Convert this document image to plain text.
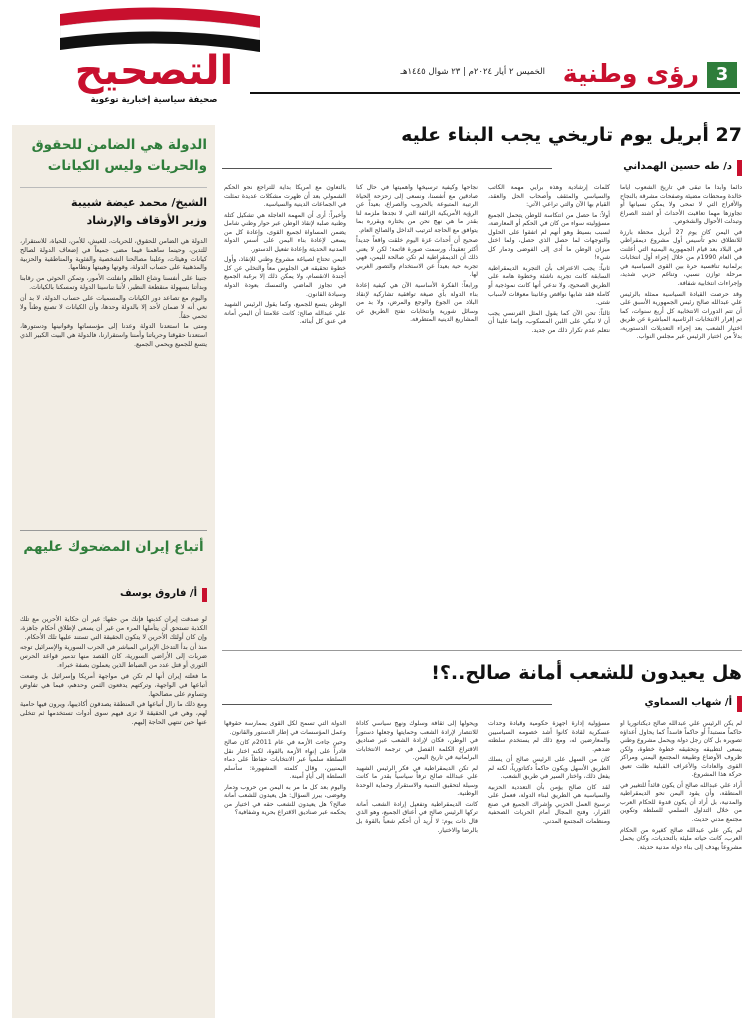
التصحيح
صحيفة سياسية إخبارية توعوية
3
رؤى وطنية
الخميس ٢ أيار ٢٠٢٤م | ٢٣ شوال ١٤٤٥هـ
27 أبريل يوم تاريخي يجب البناء عليه
د/ طه حسين الهمداني

دائماً وأبداً ما تبقى في تاريخ الشعوب أياماً خالدة ومحطات مضيئة وصفحات مشرقة بالنجاح والأفراح التي لا تمحى ولا يمكن نسيانها أو تجاوزها مهما تعاقبت الأحداث أو اشتد الصراع وتبدلت الأحوال والشخوص.

في اليمن كان يوم 27 أبريل محطة بارزة للانطلاق نحو تأسيس أول مشروع ديمقراطي في البلاد بعد قيام الجمهورية اليمنية التي أعلنت في العام 1990م من خلال إجراء أول انتخابات برلمانية تنافسية حرة بين القوى السياسية في مرحلة توازن نسبي، وتناغم حزبي شديد، وإجراءات انتخابية شفافة.

وقد حرصت القيادة السياسية ممثلة بالرئيس علي عبدالله صالح رئيس الجمهورية الأسبق على أن تتم الدورات الانتخابية كل أربع سنوات، كما تم إقرار الانتخابات الرئاسية المباشرة عن طريق اختيار الشعب بعد إجراء التعديلات الدستورية، بدلاً من اختيار الرئيس عبر مجلس النواب.

كلمات إرشادية وهذه برأيي مهمة الكاتب والسياسي والمثقف وأصحاب الحل والعقد، القيام بها الآن والتي تراعي الآتي:

أولاً: ما حصل من انتكاسة للوطن يتحمل الجميع مسؤوليته سواء من كان في الحكم أو المعارضة، لسبب بسيط وهو أنهم لم اتفقوا على الحلول والتوجهات لما حصل الذي حصل، ولما اختل ميزان الوطن ما أدى إلى الفوضى ودمار كل شيء!

ثانياً: يجب الاعتراف بأن التجربة الديمقراطية السابقة كانت تجربة ناشئة وخطوة هامة على الطريق الصحيح، ولا ندعي أنها كانت نموذجية أو كاملة فقد شابها نواقص وعانينا معوقات لأسباب شتى.

ثالثاً: تحن الآن كما يقول المثل الفرنسي يجب أن لا نبكي على اللبن المسكوب، وإنما علينا أن نتعلم عدم تكرار ذلك من جديد.

نجاحها وكيفية ترسيخها وأهميتها في حال كنا صادقين مع أنفسنا، ونسعى إلى زحزحة الحياة الرتيبة المتبوعة بالحروب والصراع، بعيداً عن الرؤية الأمريكية الزائفة التي لا نجدها ملزمة لنا بقدر ما هي نهج نحن من يختاره ويقرره بما يتوافق مع الحاجة لترتيب الداخل والصالح العام.

صحيح أن أحداث غزة اليوم خلقت واقعاً جديداً أكثر تعقيداً، ورسمت صورة قاتمة؛ لكن لا يعني ذلك أن الديمقراطية لم تكن صالحة لليمن، فهي تجربة حية بعيداً عن الاستخدام والتصور الغربي لها.

ورابعاً: الفكرة الأساسية الآن هي كيفية إعادة بناء الدولة بأي صيغة توافقية تشاركية لإنقاذ البلاد من الجوع والوجع والمرض، ولا بد من وسائل شورية وانتخابات تفتح الطريق عن المشاريع الدينية المتطرفة.

بالتعاون مع أمريكا بداية للتراجع نحو الحكم الشمولي بعد أن ظهرت مشكلات عديدة تمثلت في الجماعات الدينية والسياسية.

وأخيراً: أرى أن المهمة العاجلة هي تشكيل كتلة وطنية صلبة لإنقاذ الوطن عبر حوار وطني شامل يضمن المساواة لجميع القوى، وإعادة كل من يسعى لإعادة بناء اليمن على أسس الدولة المدنية الحديثة وإعادة تفعيل الدستور.

اليمن تحتاج لصياغة مشروع وطني للإنقاذ، وأول خطوة تحقيقه في الجلوس معاً والتخلي عن كل أجندة الانقسام، ولا يمكن ذلك إلا برغبة الجميع في تجاوز الماضي والتمسك بعودة الدولة وسيادة القانون.

الوطن يتسع للجميع، وكما يقول الرئيس الشهيد علي عبدالله صالح: كانت علامتنا أن اليمن أمانة في عنق كل أبنائه.

هل يعيدون للشعب أمانة صالح..؟!
أ/ شهاب السماوي

لم يكن الرئيس علي عبدالله صالح ديكتاتورياً أو حاكماً مستبداً أو حاكماً فاسداً كما يحاول أعداؤه تصويره بل كان رجل دولة ويحمل مشروع وطني يسعى لتطبيقه وتحقيقه خطوة خطوة، ولكن ظروف الأوضاع وطبيعة المجتمع اليمني ومراكز القوى والعادات والأعراف القبلية ظلت تعيق حركة هذا المشروع.

أراد علي عبدالله صالح أن يكون قائداً للتغيير في المنطقة، وأن يقود اليمن نحو الديمقراطية والمدنية، بل أراد أن يكون قدوة للحكام العرب من خلال التداول السلمي للسلطة وتكوين مجتمع مدني حديث.

لم يكن علي عبدالله صالح كغيره من الحكام العرب، كانت حياته مليئة بالتحديات، وكان يحمل مشروعاً يهدف إلى بناء دولة مدنية حديثة.

مسؤولية إدارة أجهزة حكومية وقيادة وحدات عسكرية لقادة كانوا أشد خصومه السياسيين والمعارضين له، ومع ذلك لم يستخدم سلطته ضدهم.

كان من السهل على الرئيس صالح أن يسلك الطريق الأسهل ويكون حاكماً دكتاتورياً، لكنه لم يفعل ذلك، واختار السير في طريق الشعب.

لقد كان صالح يؤمن بأن التعددية الحزبية والسياسية هي الطريق لبناء الدولة، فعمل على ترسيخ العمل الحزبي وإشراك الجميع في صنع القرار، وفتح المجال أمام الحريات الصحفية ومنظمات المجتمع المدني.

ويحولها إلى ثقافة وسلوك ونهج سياسي كأداة للانتصار لإرادة الشعب وحمايتها وجعلها دستوراً في الوطن، فكان لإرادة الشعب عبر صناديق الاقتراع الكلمة الفصل في ترجمة الانتخابات البرلمانية في تاريخ اليمن.

لم تكن الديمقراطية في فكر الرئيس الشهيد علي عبدالله صالح ترفاً سياسياً بقدر ما كانت وسيلة لتحقيق التنمية والاستقرار وحماية الوحدة الوطنية.

كانت الديمقراطية وتفعيل إرادة الشعب أمانة تركها الرئيس صالح في أعناق الجميع، وهو الذي قال ذات يوم: لا أريد أن أحكم شعباً بالقوة بل بالرضا والاختيار.

الدولة التي تسمح لكل القوى بممارسة حقوقها وعمل المؤسسات في إطار الدستور والقانون.

وحين جاءت الأزمة في عام 2011م كان صالح قادراً على إنهاء الأزمة بالقوة، لكنه اختار نقل السلطة سلمياً عبر الانتخابات حفاظاً على دماء اليمنيين، وقال كلمته المشهورة: سأسلم السلطة إلى أيادٍ أمينة.

واليوم بعد كل ما مر به اليمن من حروب ودمار وفوضى، يبرز السؤال: هل يعيدون للشعب أمانة صالح؟ هل يعيدون للشعب حقه في اختيار من يحكمه عبر صناديق الاقتراع بحرية وشفافية؟

الدولة هي الضامن للحقوق والحريات وليس الكيانات
الشيخ/ محمد عيضة شبيبة
وزير الأوقاف والإرشاد

الدولة هي الضامن للحقوق، للحريات، للعيش، للأمن، للحياة، للاستقرار، للتدين، وحينما ساهمنا فيما مضى جميعاً في إضعاف الدولة لصالح كيانات وهيئات، وغلبنا مصالحنا الشخصية والفئوية والمناطقية والحزبية والمذهبية على حساب الدولة، وقوتها وهيبتها ونظامها.

جنينا على أنفسنا وشاع الظلم وانفلتت الأمور، وتمكن الحوثي من رقابنا وبدأتنا بسهولة منقطعة النظير، لأننا تناسينا الدولة وتمسكنا بالكيانات.

واليوم مع تصاعد دور الكيانات والمسميات على حساب الدولة، لا بد أن نعي أنه لا ضمان لأحد إلا بالدولة وحدها، وأن الكيانات لا تصنع وطناً ولا تحمي حقاً.

ومتى ما استعدنا الدولة وعدنا إلى مؤسساتها وقوانينها ودستورها، استعدنا حقوقنا وحرياتنا وأمننا واستقرارنا، فالدولة هي البيت الكبير الذي يتسع للجميع ويحمي الجميع.

أتباع إيران المضحوك عليهم
أ/ فاروق يوسف

لو صدقت إيران كذبتها فإنك من حقها: غير أن حكاية الأحرين مع تلك الكذبة تستحق أن يتأملها المرء من غير أن يسعى لإطلاق أحكام جاهزة، وإن كان أولئك الأحرين لا يتكون الحقيقة التي تستند عليها تلك الأحكام.

منذ أن بدأ التدخل الإيراني المباشر في الحرب السورية والإسرائيل توجه ضربات إلى الأراضي السورية، كان القصد منها تدمير قواعد الحرس الثوري أو قتل عدد من الضباط الذين يعملون بصفة خبراء.

ما فعلته إيران أنها لم تكن في مواجهة أمريكا وإسرائيل بل وضعت أتباعها في الواجهة، وتركتهم يدفعون الثمن وحدهم، فيما هي تفاوض وتساوم على مصالحها.

ومع ذلك ما زال أتباعها في المنطقة يصدقون أكاذيبها، ويرون فيها حامية لهم، وهي في الحقيقة لا ترى فيهم سوى أدوات تستخدمها ثم تتخلى عنها حين تنتهي الحاجة إليهم.
